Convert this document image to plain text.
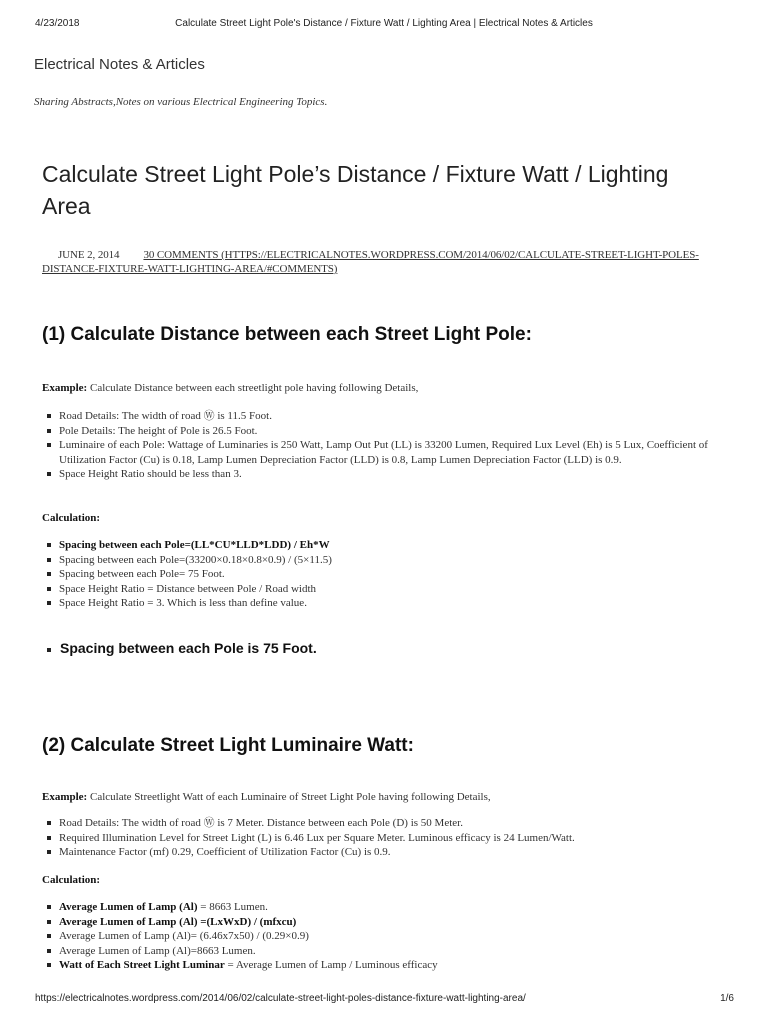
4/23/2018	Calculate Street Light Pole's Distance / Fixture Watt / Lighting Area | Electrical Notes & Articles
Electrical Notes & Articles
Sharing Abstracts,Notes on various Electrical Engineering Topics.
Calculate Street Light Pole’s Distance / Fixture Watt / Lighting Area
JUNE 2, 2014 30 COMMENTS (HTTPS://ELECTRICALNOTES.WORDPRESS.COM/2014/06/02/CALCULATE-STREET-LIGHT-POLES-DISTANCE-FIXTURE-WATT-LIGHTING-AREA/#COMMENTS)
(1) Calculate Distance between each Street Light Pole:

Example: Calculate Distance between each streetlight pole having following Details,

Road Details: The width of road Ⓦ is 11.5 Foot.
Pole Details: The height of Pole is 26.5 Foot.
Luminaire of each Pole: Wattage of Luminaries is 250 Watt, Lamp Out Put (LL) is 33200 Lumen, Required Lux Level (Eh) is 5 Lux, Coefficient of Utilization Factor (Cu) is 0.18, Lamp Lumen Depreciation Factor (LLD) is 0.8, Lamp Lumen Depreciation Factor (LLD) is 0.9.
Space Height Ratio should be less than 3.

Calculation:

Spacing between each Pole=(LL*CU*LLD*LDD) / Eh*W
Spacing between each Pole=(33200×0.18×0.8×0.9) / (5×11.5)
Spacing between each Pole= 75 Foot.
Space Height Ratio = Distance between Pole / Road width
Space Height Ratio = 3. Which is less than define value.
Spacing between each Pole is 75 Foot.
(2) Calculate Street Light Luminaire Watt:

Example: Calculate Streetlight Watt of each Luminaire of Street Light Pole having following Details,

Road Details: The width of road Ⓦ is 7 Meter. Distance between each Pole (D) is 50 Meter.
Required Illumination Level for Street Light (L) is 6.46 Lux per Square Meter. Luminous efficacy is 24 Lumen/Watt.
Maintenance Factor (mf) 0.29, Coefficient of Utilization Factor (Cu) is 0.9.

Calculation:

Average Lumen of Lamp (Al) = 8663 Lumen.
Average Lumen of Lamp (Al) =(LxWxD) / (mfxcu)
Average Lumen of Lamp (Al)= (6.46x7x50) / (0.29×0.9)
Average Lumen of Lamp (Al)=8663 Lumen.
Watt of Each Street Light Luminar = Average Lumen of Lamp / Luminous efficacy
https://electricalnotes.wordpress.com/2014/06/02/calculate-street-light-poles-distance-fixture-watt-lighting-area/	1/6
